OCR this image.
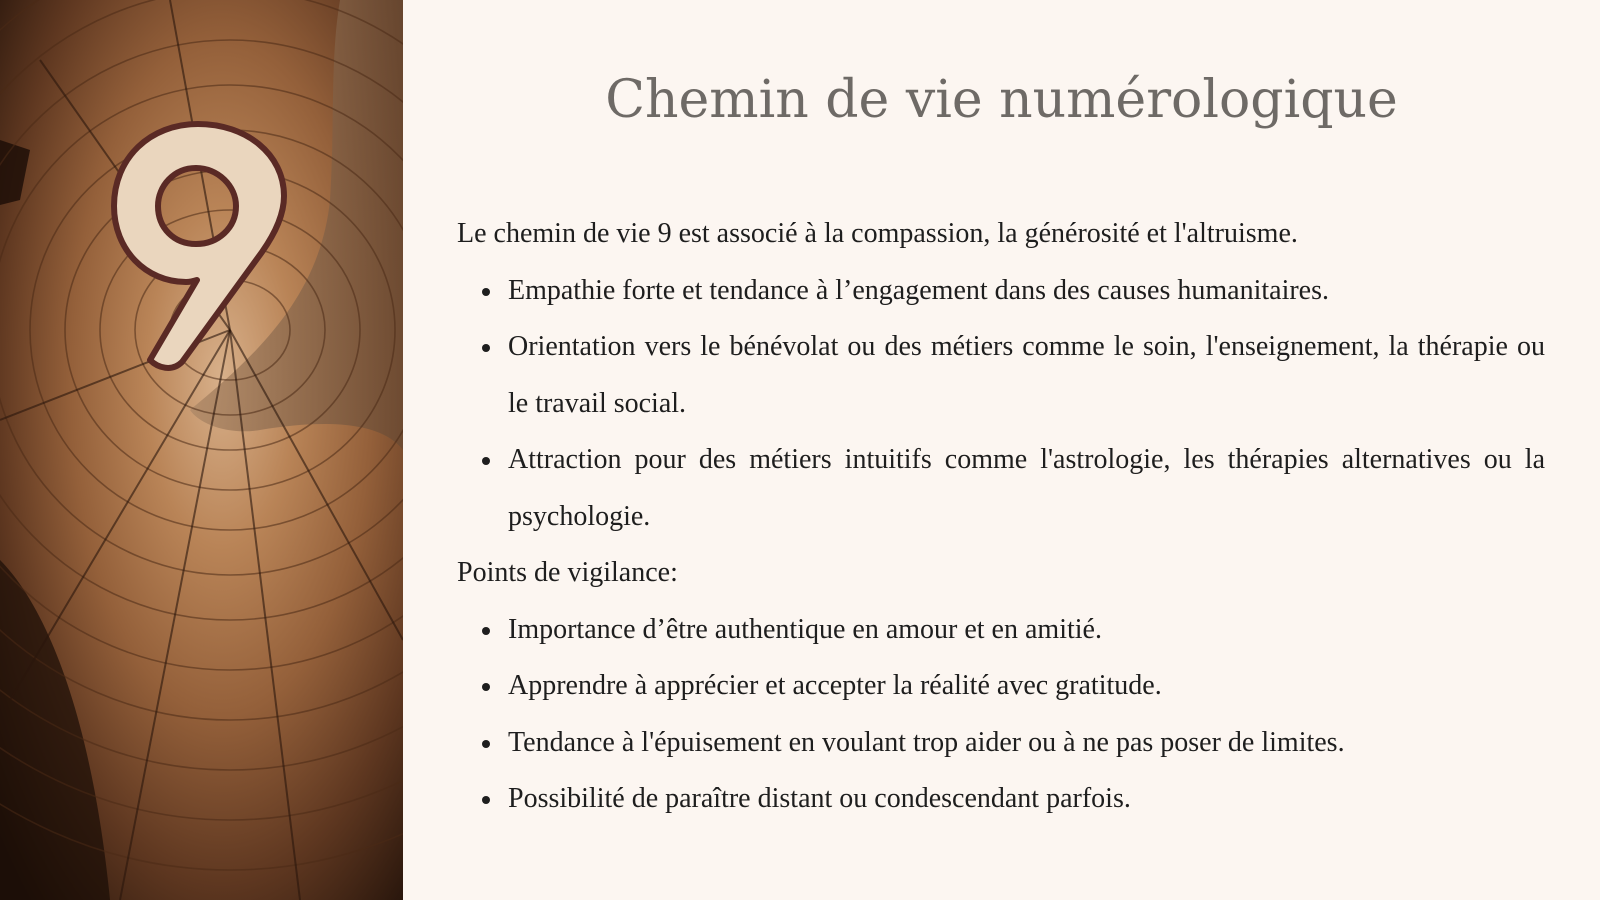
Chemin de vie numérologique

Le chemin de vie 9 est associé à la compassion, la générosité et l'altruisme.

Empathie forte et tendance à l’engagement dans des causes humanitaires.
Orientation vers le bénévolat ou des métiers comme le soin, l'enseignement, la thérapie ou le travail social.
Attraction pour des métiers intuitifs comme l'astrologie, les thérapies alternatives ou la psychologie.

Points de vigilance:

Importance d’être authentique en amour et en amitié.
Apprendre à apprécier et accepter la réalité avec gratitude.
Tendance à l'épuisement en voulant trop aider ou à ne pas poser de limites.
Possibilité de paraître distant ou condescendant parfois.
